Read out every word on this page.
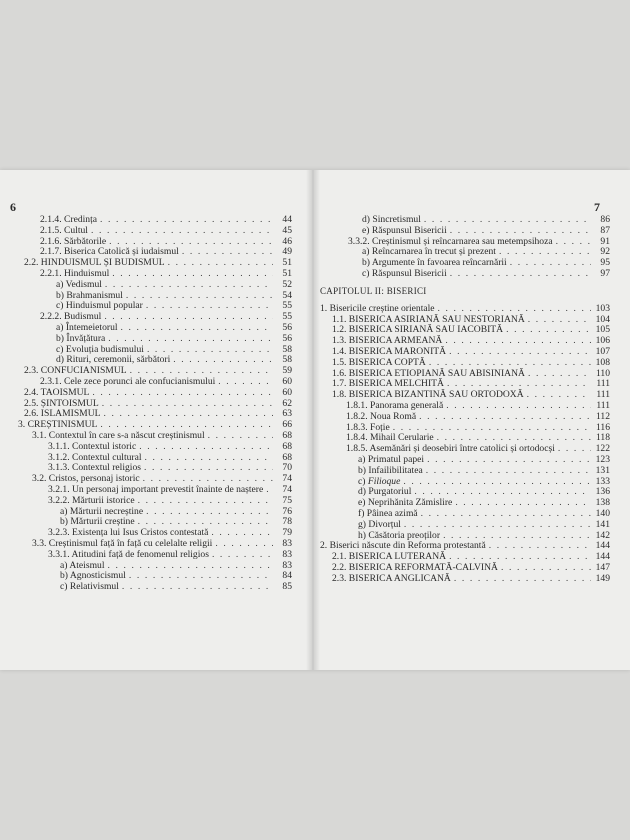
6
2.1.4. Credința . . .	44
2.1.5. Cultul . . .	45
2.1.6. Sărbătorile . . .	46
2.1.7. Biserica Catolică și iudaismul . . .	49
2.2. HINDUISMUL ȘI BUDISMUL . . .	51
2.2.1. Hinduismul . . .	51
a) Vedismul . . .	52
b) Brahmanismul . . .	54
c) Hinduismul popular . . .	55
2.2.2. Budismul . . .	55
a) Întemeietorul . . .	56
b) Învățătura . . .	56
c) Evoluția budismului . . .	58
d) Rituri, ceremonii, sărbători . . .	58
2.3. CONFUCIANISMUL . . .	59
2.3.1. Cele zece porunci ale confucianismului . . .	60
2.4. TAOISMUL . . .	60
2.5. ȘINTOISMUL . . .	62
2.6. ISLAMISMUL . . .	63
3. CREȘTINISMUL . . .	66
3.1. Contextul în care s-a născut creștinismul . . .	68
3.1.1. Contextul istoric . . .	68
3.1.2. Contextul cultural . . .	68
3.1.3. Contextul religios . . .	70
3.2. Cristos, personaj istoric . . .	74
3.2.1. Un personaj important prevestit înainte de naștere . . .	74
3.2.2. Mărturii istorice . . .	75
a) Mărturii necreștine . . .	76
b) Mărturii creștine . . .	78
3.2.3. Existența lui Isus Cristos contestată . . .	79
3.3. Creștinismul față în față cu celelalte religii . . .	83
3.3.1. Atitudini față de fenomenul religios . . .	83
a) Ateismul . . .	83
b) Agnosticismul . . .	84
c) Relativismul . . .	85
7
d) Sincretismul . . .	86
e) Răspunsul Bisericii . . .	87
3.3.2. Creștinismul și reîncarnarea sau metempsihoza . . .	91
a) Reîncarnarea în trecut și prezent . . .	92
b) Argumente în favoarea reîncarnării . . .	95
c) Răspunsul Bisericii . . .	97
CAPITOLUL II: BISERICI
1. Bisericile creștine orientale . . .	103
1.1. BISERICA ASIRIANĂ SAU NESTORIANĂ . . .	104
1.2. BISERICA SIRIANĂ SAU IACOBITĂ . . .	105
1.3. BISERICA ARMEANĂ . . .	106
1.4. BISERICA MARONITĂ . . .	107
1.5. BISERICA COPTĂ . . .	108
1.6. BISERICA ETIOPIANĂ SAU ABISINIANĂ . . .	110
1.7. BISERICA MELCHITĂ . . .	111
1.8. BISERICA BIZANTINĂ SAU ORTODOXĂ . . .	111
1.8.1. Panorama generală . . .	111
1.8.2. Noua Romă . . .	112
1.8.3. Foție . . .	116
1.8.4. Mihail Cerularie . . .	118
1.8.5. Asemănări și deosebiri între catolici și ortodocși . . .	122
a) Primatul papei . . .	123
b) Infailibilitatea . . .	131
c) Filioque . . .	133
d) Purgatoriul . . .	136
e) Neprihănita Zămislire . . .	138
f) Pâinea azimă . . .	140
g) Divorțul . . .	141
h) Căsătoria preoților . . .	142
2. Biserici născute din Reforma protestantă . . .	144
2.1. BISERICA LUTERANĂ . . .	144
2.2. BISERICA REFORMATĂ-CALVINĂ . . .	147
2.3. BISERICA ANGLICANĂ . . .	149
